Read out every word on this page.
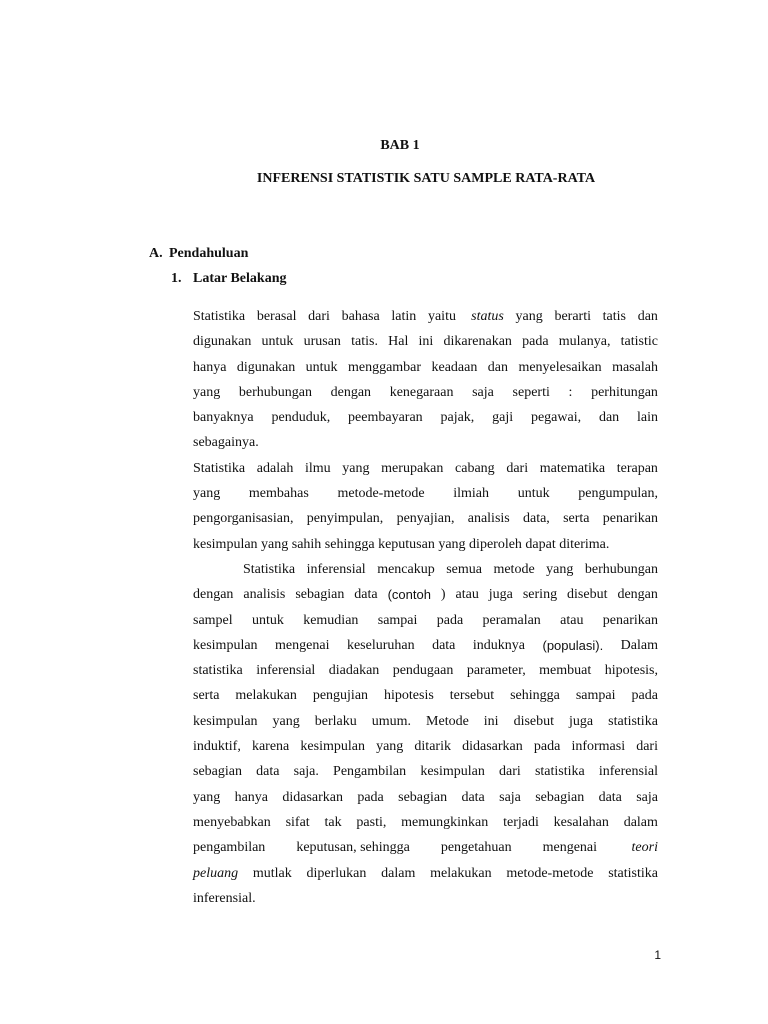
BAB 1
INFERENSI STATISTIK SATU SAMPLE RATA-RATA
A. Pendahuluan
1. Latar Belakang
Statistika berasal dari bahasa latin yaitu status yang berarti tatis dan
digunakan untuk urusan tatis. Hal ini dikarenakan pada mulanya, tatistic
hanya digunakan untuk menggambar keadaan dan menyelesaikan masalah
yang berhubungan dengan kenegaraan saja seperti : perhitungan
banyaknya penduduk, peembayaran pajak, gaji pegawai, dan lain
sebagainya.
Statistika adalah ilmu yang merupakan cabang dari matematika terapan
yang membahas metode-metode ilmiah untuk pengumpulan,
pengorganisasian, penyimpulan, penyajian, analisis data, serta penarikan
kesimpulan yang sahih sehingga keputusan yang diperoleh dapat diterima.
Statistika inferensial mencakup semua metode yang berhubungan
dengan analisis sebagian data (contoh ) atau juga sering disebut dengan
sampel untuk kemudian sampai pada peramalan atau penarikan
kesimpulan mengenai keseluruhan data induknya (populasi). Dalam
statistika inferensial diadakan pendugaan parameter, membuat hipotesis,
serta melakukan pengujian hipotesis tersebut sehingga sampai pada
kesimpulan yang berlaku umum. Metode ini disebut juga statistika
induktif, karena kesimpulan yang ditarik didasarkan pada informasi dari
sebagian data saja. Pengambilan kesimpulan dari statistika inferensial
yang hanya didasarkan pada sebagian data saja sebagian data saja
menyebabkan sifat tak pasti, memungkinkan terjadi kesalahan dalam
pengambilan keputusan, sehingga pengetahuan mengenai teori
peluang mutlak diperlukan dalam melakukan metode-metode statistika
inferensial.
1
